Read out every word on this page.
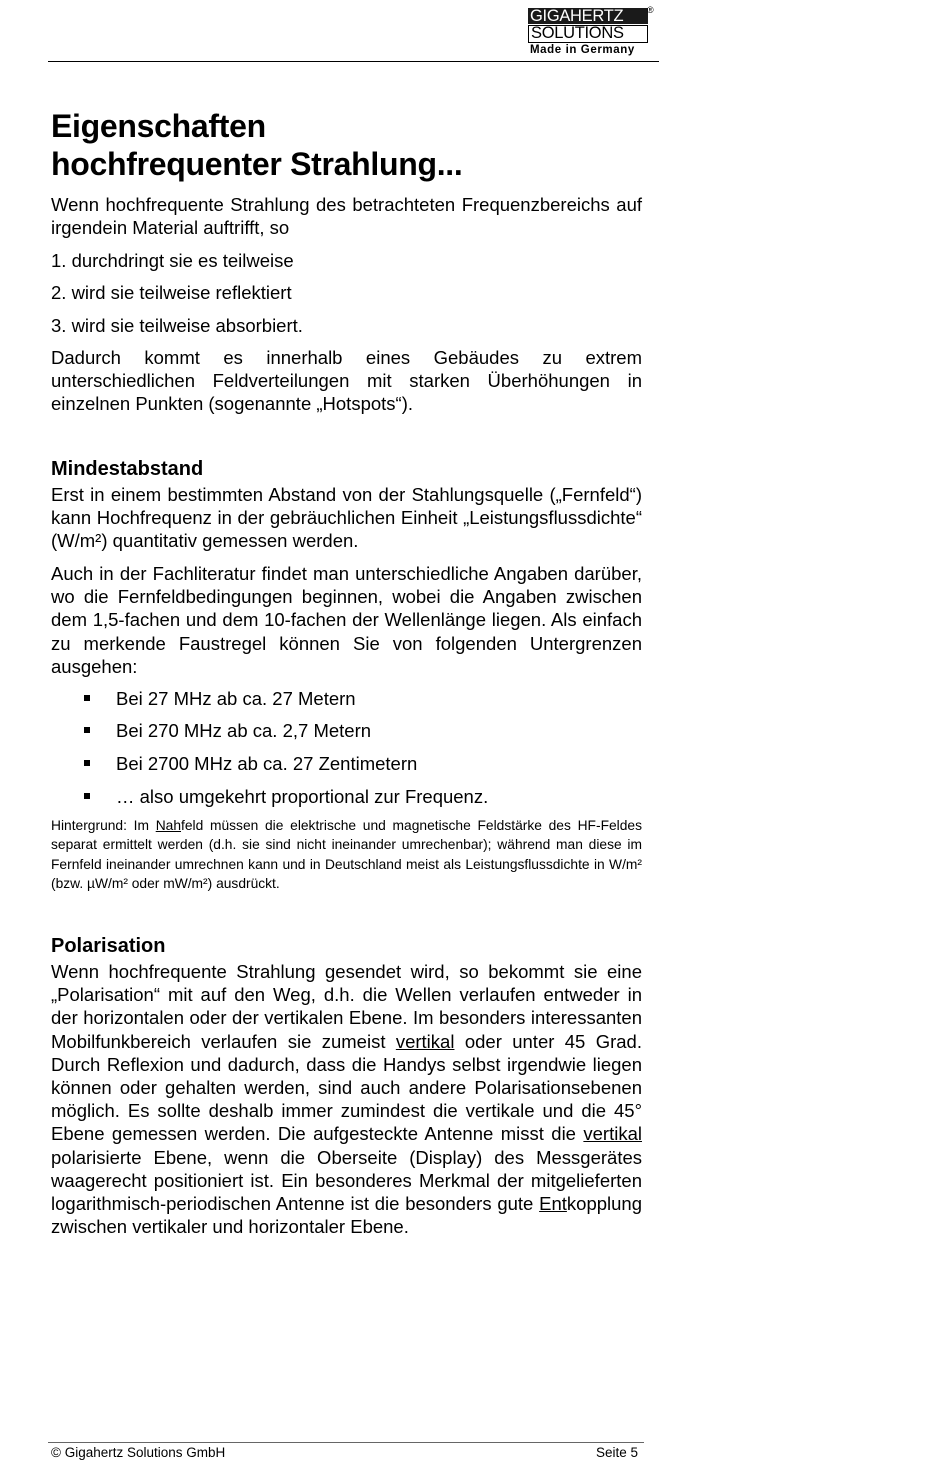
GIGAHERTZ
SOLUTIONS
Made in Germany
®
Eigenschaften
hochfrequenter Strahlung...

Wenn hochfrequente Strahlung des betrachteten Frequenzbereichs auf irgendein Material auftrifft, so

1. durchdringt sie es teilweise

2. wird sie teilweise reflektiert

3. wird sie teilweise absorbiert.

Dadurch kommt es innerhalb eines Gebäudes zu extrem unterschiedlichen Feldverteilungen mit starken Überhöhungen in einzelnen Punkten (sogenannte „Hotspots“).

Mindestabstand

Erst in einem bestimmten Abstand von der Stahlungsquelle („Fernfeld“) kann Hochfrequenz in der gebräuchlichen Einheit „Leistungsflussdichte“ (W/m²) quantitativ gemessen werden.

Auch in der Fachliteratur findet man unterschiedliche Angaben darüber, wo die Fernfeldbedingungen beginnen, wobei die Angaben zwischen dem 1,5-fachen und dem 10-fachen der Wellenlänge liegen. Als einfach zu merkende Faustregel können Sie von folgenden Untergrenzen ausgehen:

Bei 27 MHz ab ca. 27 Metern
Bei 270 MHz ab ca. 2,7 Metern
Bei 2700 MHz ab ca. 27 Zentimetern
… also umgekehrt proportional zur Frequenz.

Hintergrund: Im Nahfeld müssen die elektrische und magnetische Feldstärke des HF-Feldes separat ermittelt werden (d.h. sie sind nicht ineinander umrechenbar); während man diese im Fernfeld ineinander umrechnen kann und in Deutschland meist als Leistungsflussdichte in W/m² (bzw. µW/m² oder mW/m²) ausdrückt.

Polarisation

Wenn hochfrequente Strahlung gesendet wird, so bekommt sie eine „Polarisation“ mit auf den Weg, d.h. die Wellen verlaufen entweder in der horizontalen oder der vertikalen Ebene. Im besonders interessanten Mobilfunkbereich verlaufen sie zumeist vertikal oder unter 45 Grad. Durch Reflexion und dadurch, dass die Handys selbst irgendwie liegen können oder gehalten werden, sind auch andere Polarisationsebenen möglich. Es sollte deshalb immer zumindest die vertikale und die 45° Ebene gemessen werden. Die aufgesteckte Antenne misst die vertikal polarisierte Ebene, wenn die Oberseite (Display) des Messgerätes waagerecht positioniert ist. Ein besonderes Merkmal der mitgelieferten logarithmisch-periodischen Antenne ist die besonders gute Entkopplung zwischen vertikaler und horizontaler Ebene.

© Gigahertz Solutions GmbH	Seite 5
